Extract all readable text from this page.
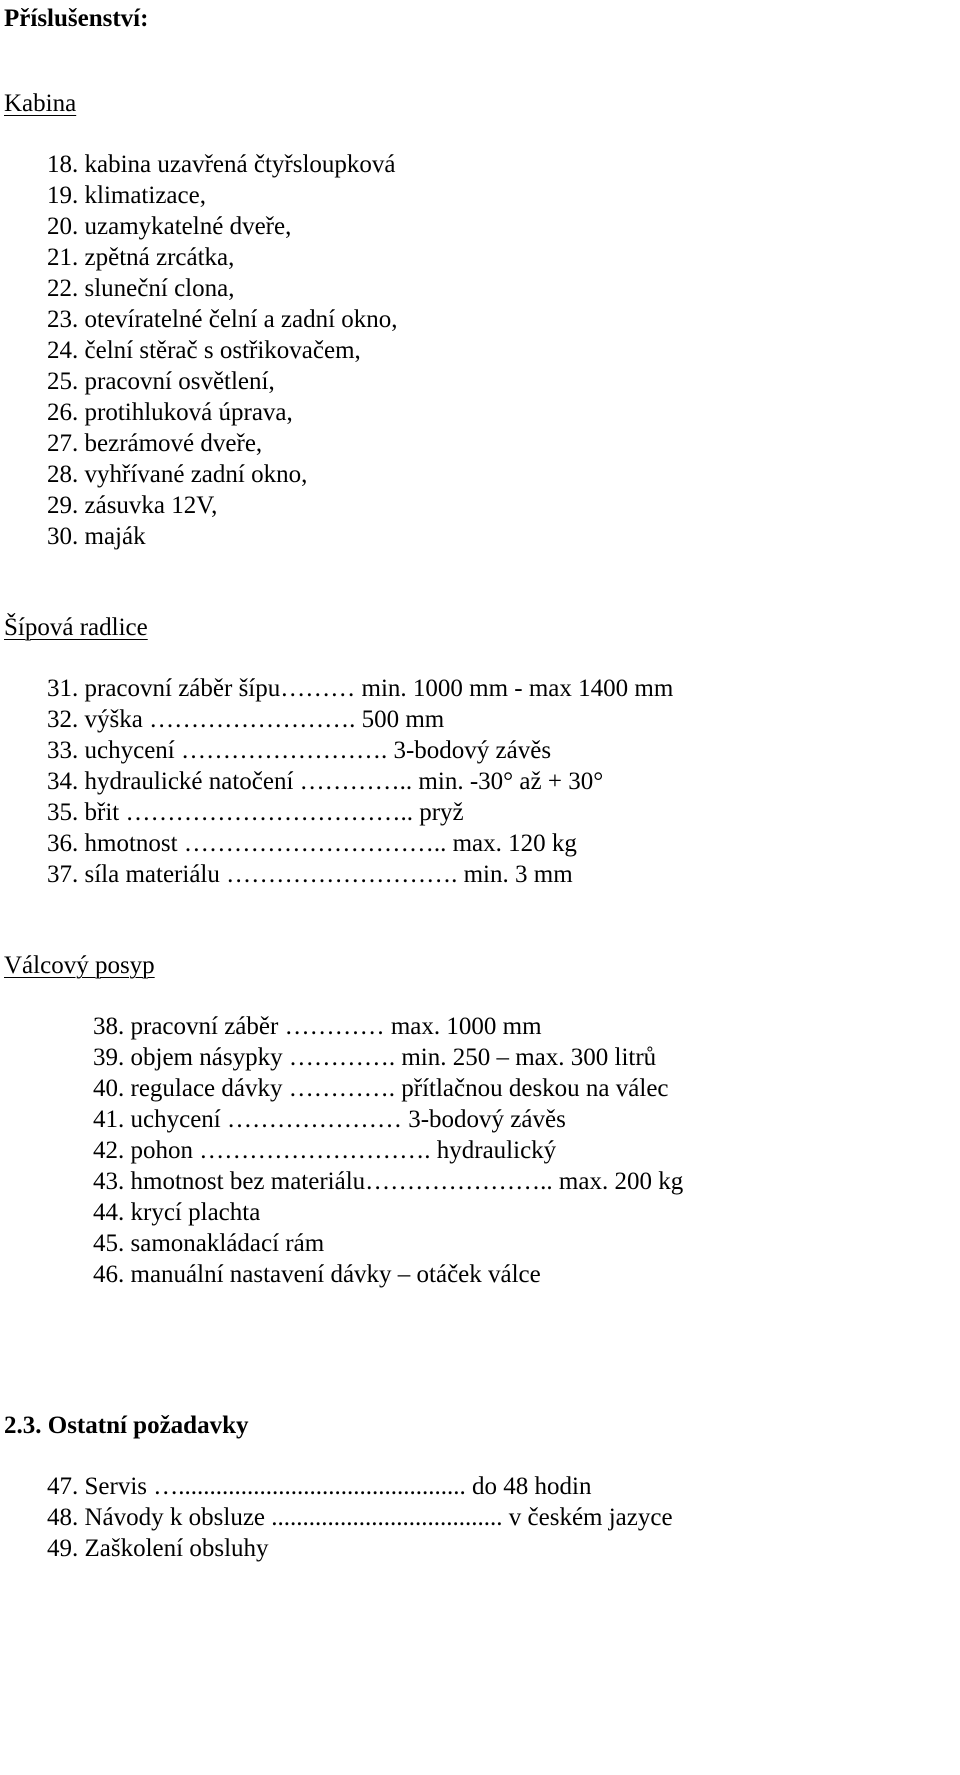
Příslušenství:
Kabina
18. kabina uzavřená čtyřsloupková
19. klimatizace,
20. uzamykatelné dveře,
21. zpětná zrcátka,
22. sluneční clona,
23. otevíratelné čelní a zadní okno,
24. čelní stěrač s ostřikovačem,
25. pracovní osvětlení,
26. protihluková úprava,
27. bezrámové dveře,
28. vyhřívané zadní okno,
29. zásuvka 12V,
30. maják
Šípová radlice
31. pracovní záběr šípu……… min. 1000 mm - max 1400 mm
32. výška ……………………. 500 mm
33. uchycení ……………………. 3-bodový závěs
34. hydraulické natočení ………….. min. -30° až + 30°
35. břit …………………………….. pryž
36. hmotnost ………………………….. max. 120 kg
37. síla materiálu ………………………. min. 3 mm
Válcový posyp
38. pracovní záběr ………… max. 1000 mm
39. objem násypky …………. min. 250 – max. 300 litrů
40. regulace dávky …………. přítlačnou deskou na válec
41. uchycení ………………… 3-bodový závěs
42. pohon ………………………. hydraulický
43. hmotnost bez materiálu………………….. max. 200 kg
44. krycí plachta
45. samonakládací rám
46. manuální nastavení dávky – otáček válce
2.3. Ostatní požadavky
47. Servis ….............................................. do 48 hodin
48. Návody k obsluze ..................................... v českém jazyce
49. Zaškolení obsluhy
